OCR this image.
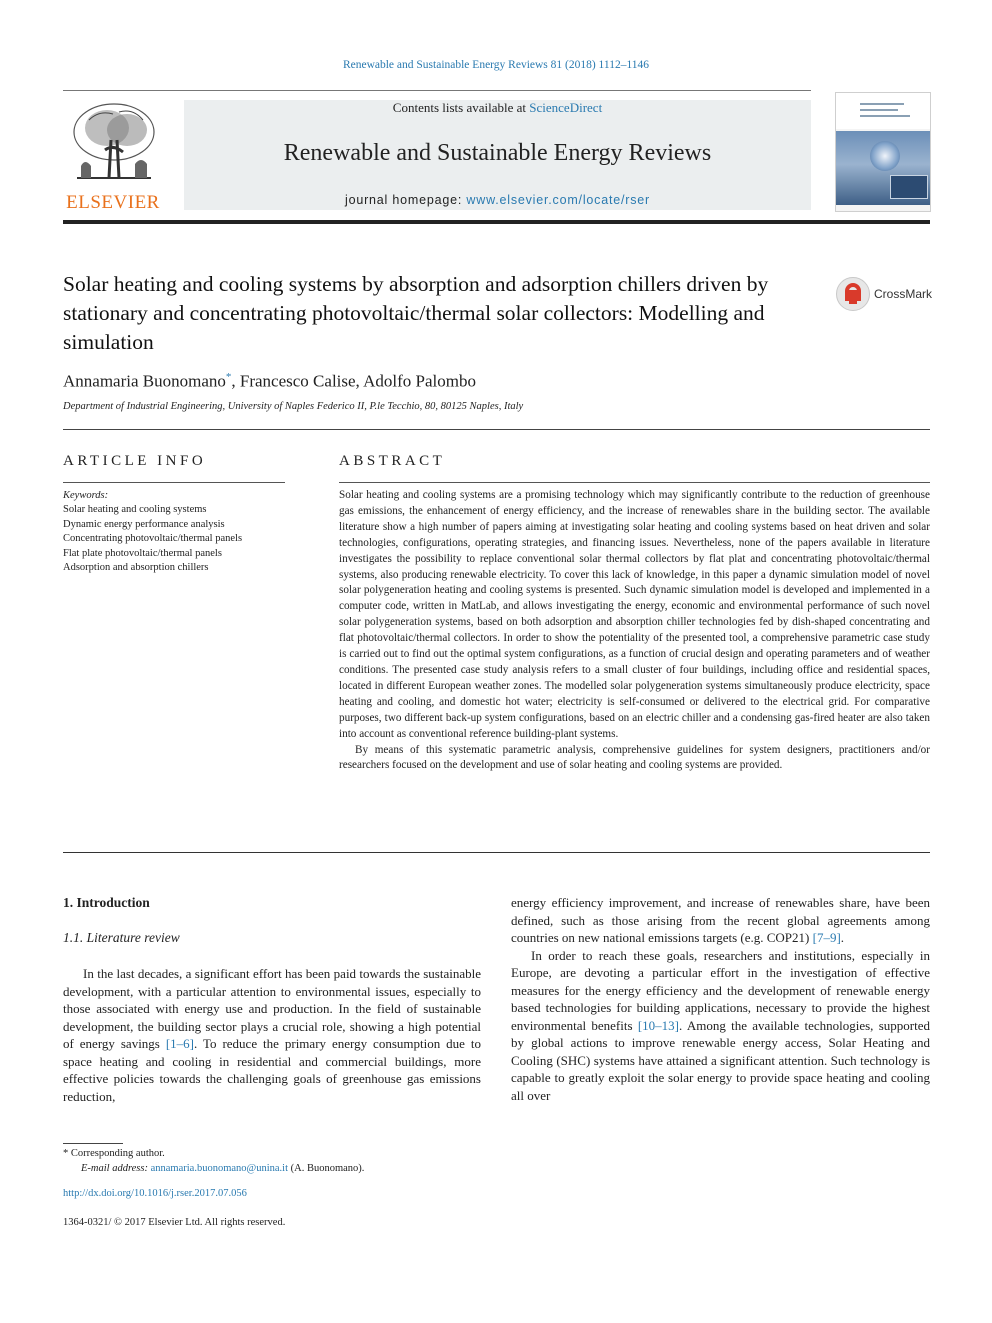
Renewable and Sustainable Energy Reviews 81 (2018) 1112–1146
ELSEVIER
Contents lists available at ScienceDirect
Renewable and Sustainable Energy Reviews
journal homepage: www.elsevier.com/locate/rser
Solar heating and cooling systems by absorption and adsorption chillers driven by stationary and concentrating photovoltaic/thermal solar collectors: Modelling and simulation
CrossMark
Annamaria Buonomano*, Francesco Calise, Adolfo Palombo
Department of Industrial Engineering, University of Naples Federico II, P.le Tecchio, 80, 80125 Naples, Italy
ARTICLE INFO	ABSTRACT
Keywords:
Solar heating and cooling systems
Dynamic energy performance analysis
Concentrating photovoltaic/thermal panels
Flat plate photovoltaic/thermal panels
Adsorption and absorption chillers

Solar heating and cooling systems are a promising technology which may significantly contribute to the reduction of greenhouse gas emissions, the enhancement of energy efficiency, and the increase of renewables share in the building sector. The available literature show a high number of papers aiming at investigating solar heating and cooling systems based on heat driven and solar technologies, configurations, operating strategies, and financing issues. Nevertheless, none of the papers available in literature investigates the possibility to replace conventional solar thermal collectors by flat plat and concentrating photovoltaic/thermal systems, also producing renewable electricity. To cover this lack of knowledge, in this paper a dynamic simulation model of novel solar polygeneration heating and cooling systems is presented. Such dynamic simulation model is developed and implemented in a computer code, written in MatLab, and allows investigating the energy, economic and environmental performance of such novel solar polygeneration systems, based on both adsorption and absorption chiller technologies fed by dish-shaped concentrating and flat photovoltaic/thermal collectors. In order to show the potentiality of the presented tool, a comprehensive parametric case study is carried out to find out the optimal system configurations, as a function of crucial design and operating parameters and of weather conditions. The presented case study analysis refers to a small cluster of four buildings, including office and residential spaces, located in different European weather zones. The modelled solar polygeneration systems simultaneously produce electricity, space heating and cooling, and domestic hot water; electricity is self-consumed or delivered to the electrical grid. For comparative purposes, two different back-up system configurations, based on an electric chiller and a condensing gas-fired heater are also taken into account as conventional reference building-plant systems.

By means of this systematic parametric analysis, comprehensive guidelines for system designers, practitioners and/or researchers focused on the development and use of solar heating and cooling systems are provided.

1. Introduction
1.1. Literature review

In the last decades, a significant effort has been paid towards the sustainable development, with a particular attention to environmental issues, especially to those associated with energy use and production. In the field of sustainable development, the building sector plays a crucial role, showing a high potential of energy savings [1–6]. To reduce the primary energy consumption due to space heating and cooling in residential and commercial buildings, more effective policies towards the challenging goals of greenhouse gas emissions reduction,

energy efficiency improvement, and increase of renewables share, have been defined, such as those arising from the recent global agreements among countries on new national emissions targets (e.g. COP21) [7–9].

In order to reach these goals, researchers and institutions, especially in Europe, are devoting a particular effort in the investigation of effective measures for the energy efficiency and the development of renewable energy based technologies for building applications, necessary to provide the highest environmental benefits [10–13]. Among the available technologies, supported by global actions to improve renewable energy access, Solar Heating and Cooling (SHC) systems have attained a significant attention. Such technology is capable to greatly exploit the solar energy to provide space heating and cooling all over

* Corresponding author.
E-mail address: annamaria.buonomano@unina.it (A. Buonomano).
http://dx.doi.org/10.1016/j.rser.2017.07.056
1364-0321/ © 2017 Elsevier Ltd. All rights reserved.
